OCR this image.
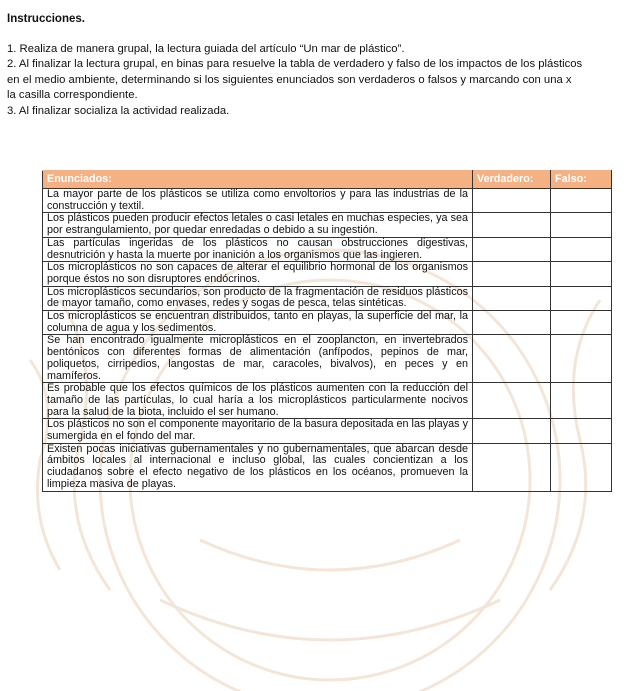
Instrucciones.

1. Realiza de manera grupal, la lectura guiada del artículo “Un mar de plástico”.

2. Al finalizar la lectura grupal, en binas para resuelve la tabla de verdadero y falso de los impactos de los plásticos

en el medio ambiente, determinando si los siguientes enunciados son verdaderos o falsos y marcando con una x

la casilla correspondiente.

3. Al finalizar socializa la actividad realizada.

Enunciados:	Verdadero:	Falso:
La mayor parte de los plásticos se utiliza como envoltorios y para las industrias de la construcción y textil.		
Los plásticos pueden producir efectos letales o casi letales en muchas especies, ya sea por estrangulamiento, por quedar enredadas o debido a su ingestión.		
Las partículas ingeridas de los plásticos no causan obstrucciones digestivas, desnutrición y hasta la muerte por inanición a los organismos que las ingieren.		
Los microplásticos no son capaces de alterar el equilibrio hormonal de los organismos porque éstos no son disruptores endócrinos.		
Los microplásticos secundarios, son producto de la fragmentación de residuos plásticos de mayor tamaño, como envases, redes y sogas de pesca, telas sintéticas.		
Los microplásticos se encuentran distribuidos, tanto en playas, la superficie del mar, la columna de agua y los sedimentos.		
Se han encontrado igualmente microplásticos en el zooplancton, en invertebrados bentónicos con diferentes formas de alimentación (anfípodos, pepinos de mar, poliquetos, cirripedios, langostas de mar, caracoles, bivalvos), en peces y en mamíferos.		
Es probable que los efectos químicos de los plásticos aumenten con la reducción del tamaño de las partículas, lo cual haría a los microplásticos particularmente nocivos para la salud de la biota, incluido el ser humano.		
Los plásticos no son el componente mayoritario de la basura depositada en las playas y sumergida en el fondo del mar.		
Existen pocas iniciativas gubernamentales y no gubernamentales, que abarcan desde ámbitos locales al internacional e incluso global, las cuales concientizan a los ciudadanos sobre el efecto negativo de los plásticos en los océanos, promueven la limpieza masiva de playas.		
